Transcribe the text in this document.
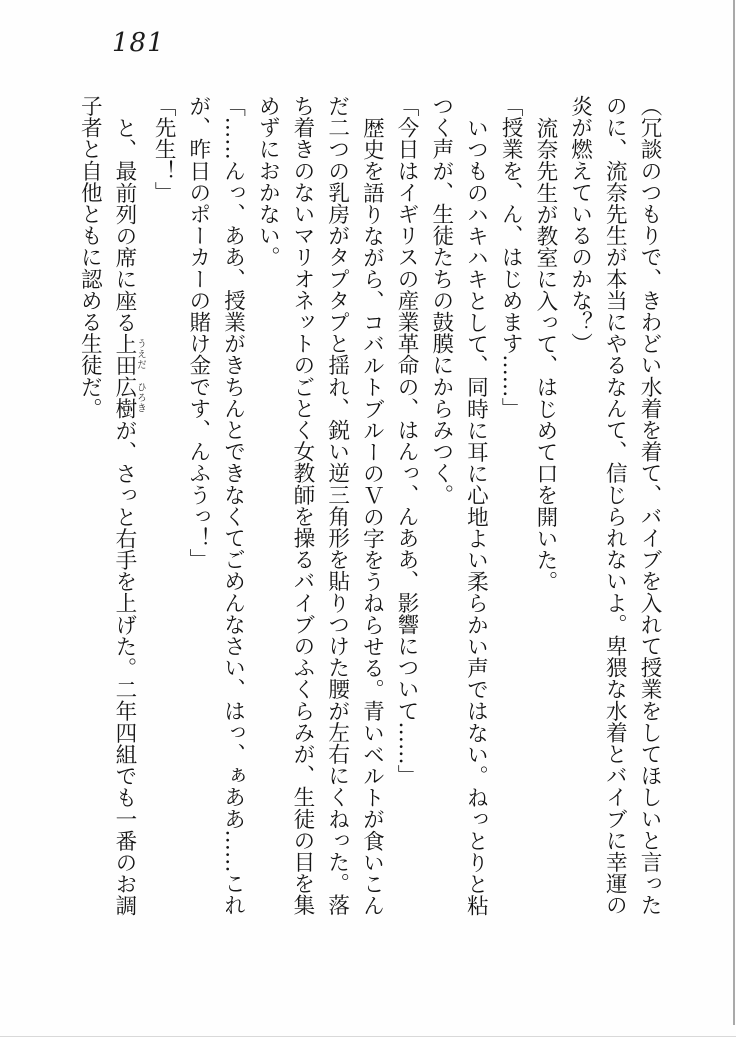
181
（冗談のつもりで、きわどい水着を着て、バイブを入れて授業をしてほしいと言った
のに、流奈先生が本当にやるなんて、信じられないよ。卑猥な水着とバイブに幸運の
炎が燃えているのかな？）
流奈先生が教室に入って、はじめて口を開いた。
「授業を、ん、はじめます……」
いつものハキハキとして、同時に耳に心地よい柔らかい声ではない。ねっとりと粘
つく声が、生徒たちの鼓膜にからみつく。
「今日はイギリスの産業革命の、はんっ、んああ、影響について……」
歴史を語りながら、コバルトブルーのＶの字をうねらせる。青いベルトが食いこん
だ二つの乳房がタプタプと揺れ、鋭い逆三角形を貼りつけた腰が左右にくねった。落
ち着きのないマリオネットのごとく女教師を操るバイブのふくらみが、生徒の目を集
めずにおかない。
「……んっ、ああ、授業がきちんとできなくてごめんなさい、はっ、ぁああ……これ
が、昨日のポーカーの賭け金です、んふうっ！」
「先生！」
と、最前列の席に座る上田うえだ広樹ひろきが、さっと右手を上げた。二年四組でも一番のお調
子者と自他ともに認める生徒だ。
